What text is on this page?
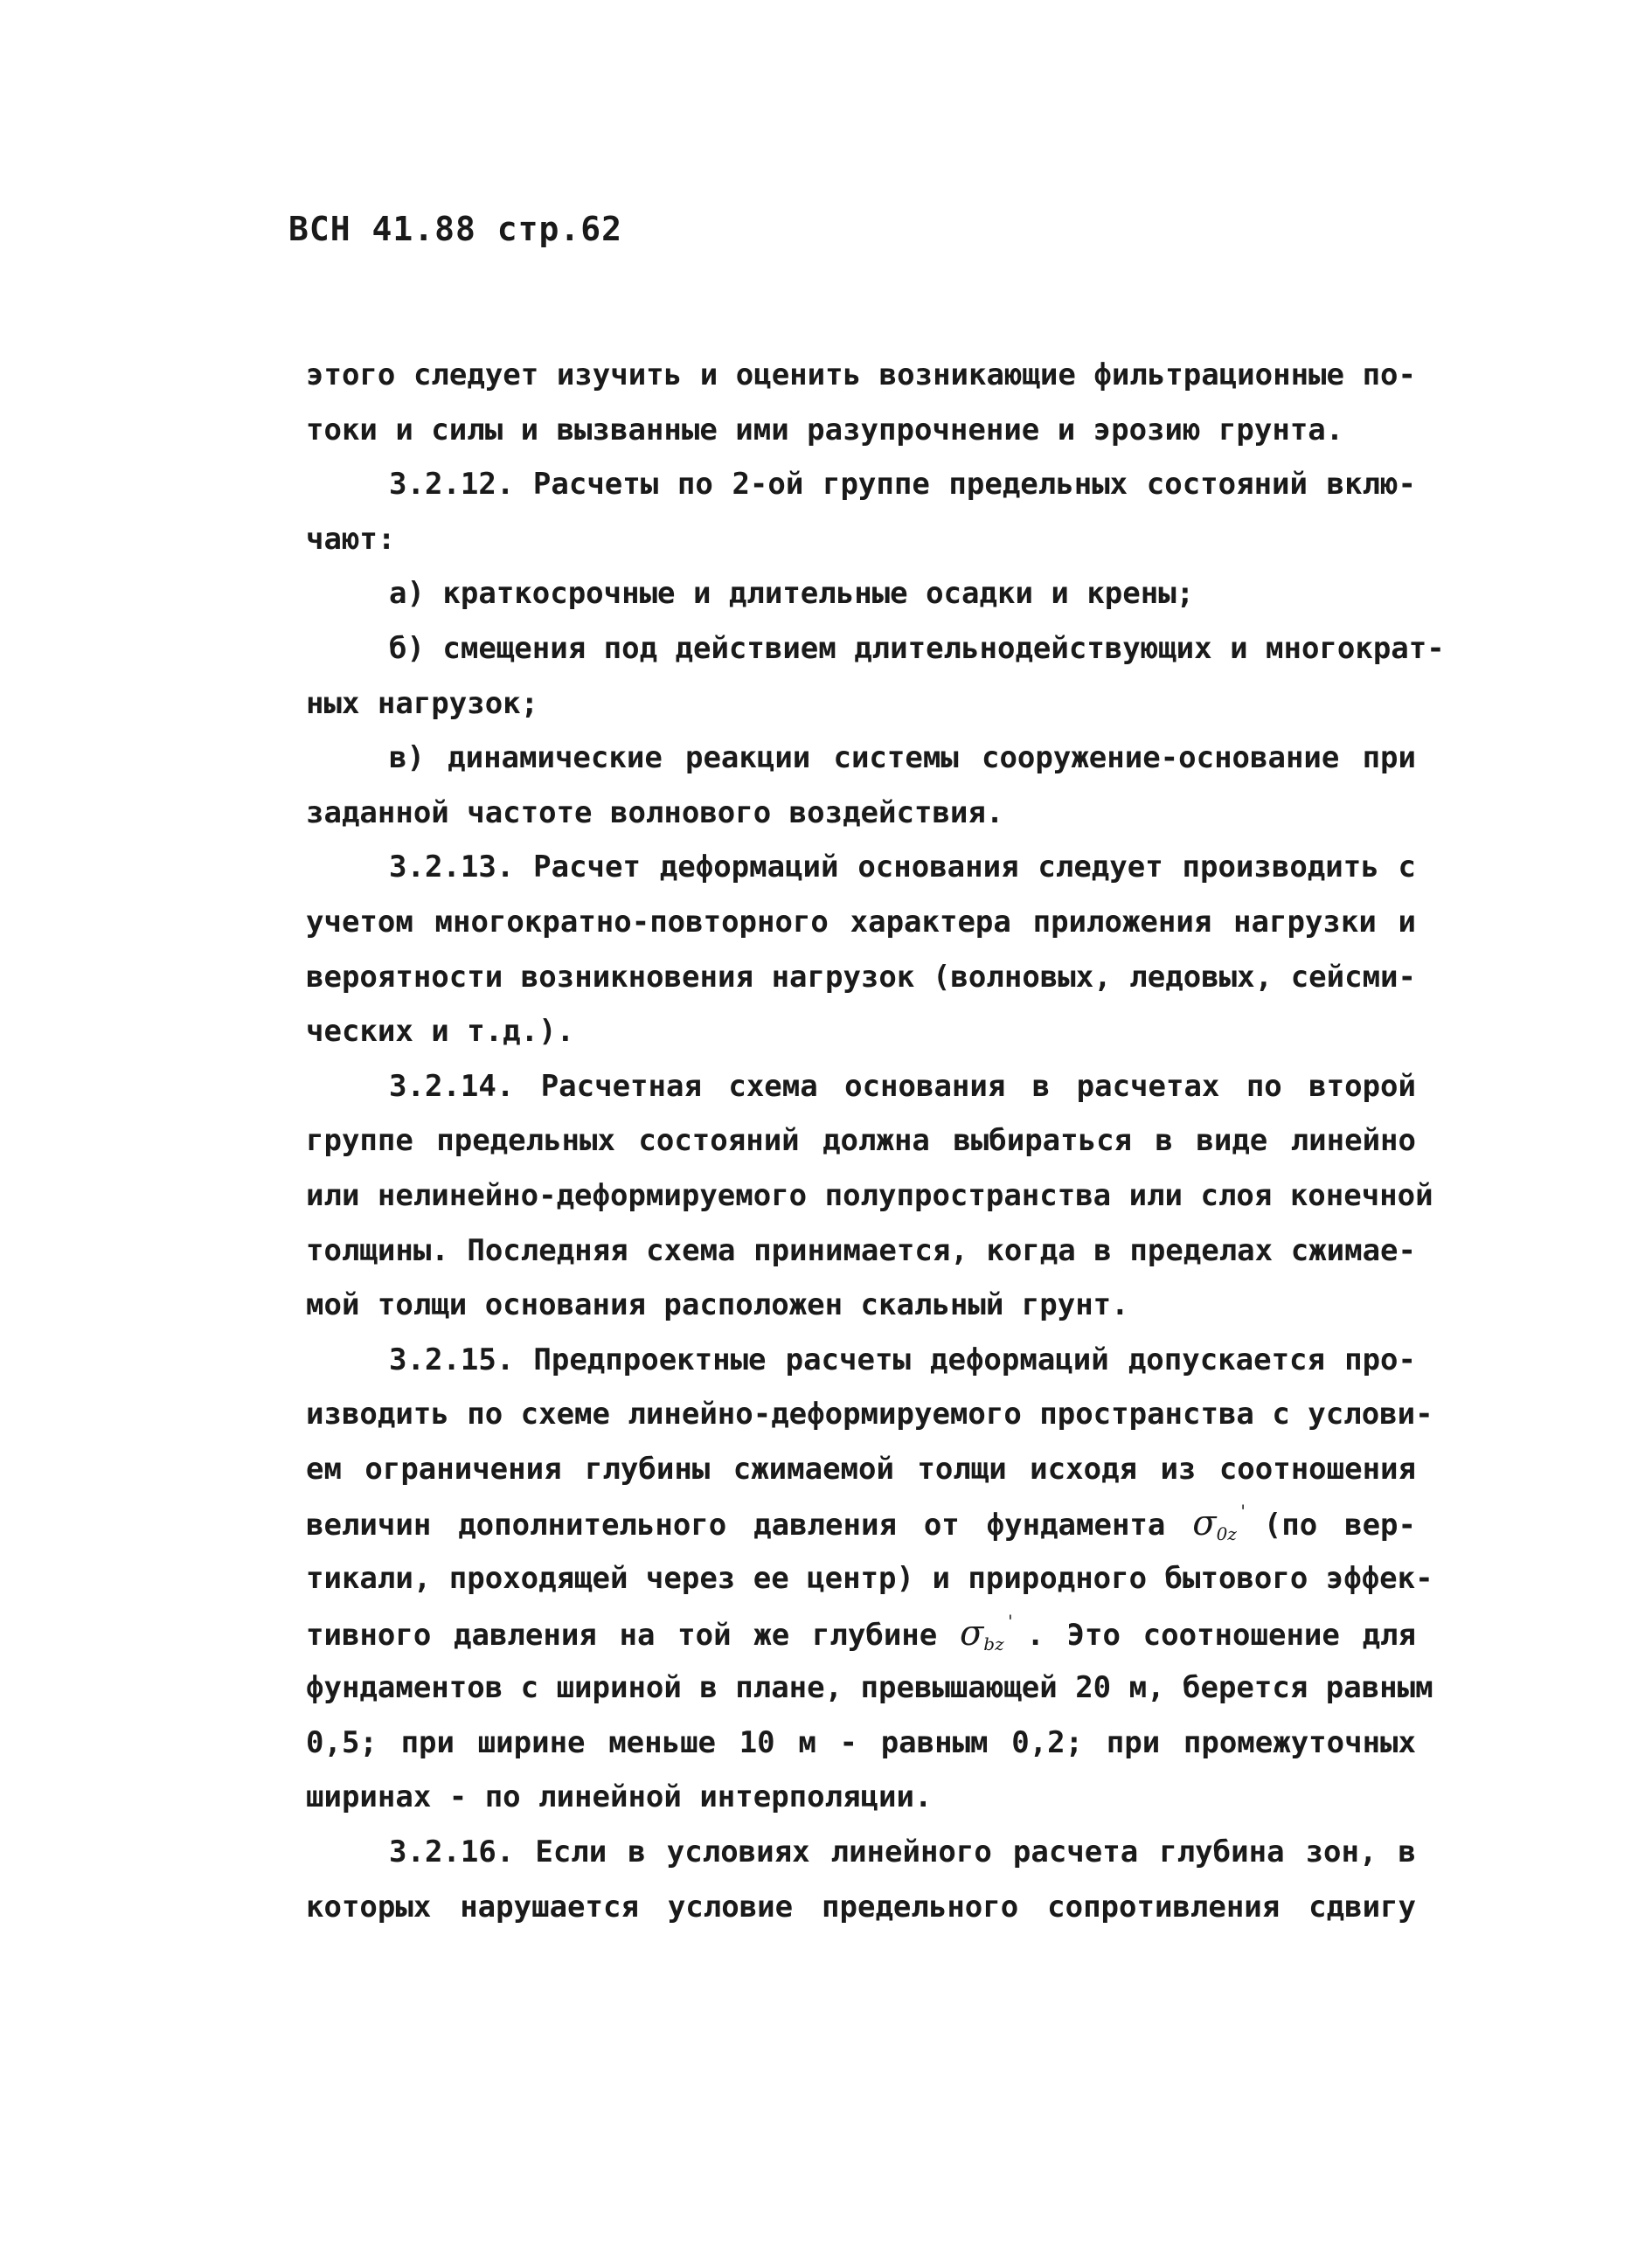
ВСН 41.88 стр.62
этого следует изучить и оценить возникающие фильтрационные по-
токи и силы и вызванные ими разупрочнение и эрозию грунта.
3.2.12. Расчеты по 2-ой группе предельных состояний вклю-
чают:
а) краткосрочные и длительные осадки и крены;
б) смещения под действием длительнодействующих и многократ-
ных нагрузок;
в) динамические реакции системы сооружение-основание при
заданной частоте волнового воздействия.
3.2.13. Расчет деформаций основания следует производить с
учетом многократно-повторного характера приложения нагрузки и
вероятности возникновения нагрузок (волновых, ледовых, сейсми-
ческих и т.д.).
3.2.14. Расчетная схема основания в расчетах по второй
группе предельных состояний должна выбираться в виде линейно
или нелинейно-деформируемого полупространства или слоя конечной
толщины. Последняя схема принимается, когда в пределах сжимае-
мой толщи основания расположен скальный грунт.
3.2.15. Предпроектные расчеты деформаций допускается про-
изводить по схеме линейно-деформируемого пространства с услови-
ем ограничения глубины сжимаемой толщи исходя из соотношения
величин дополнительного давления от фундамента σ '
$_{0z}$ (по вер-
тикали, проходящей через ее центр) и природного бытового эффек-
тивного давления на той же глубине σ '
$_{bz}$ . Это соотношение для
фундаментов с шириной в плане, превышающей 20 м, берется равным
0,5; при ширине меньше 10 м - равным 0,2; при промежуточных
ширинах - по линейной интерполяции.
3.2.16. Если в условиях линейного расчета глубина зон, в
которых нарушается условие предельного сопротивления сдвигу
